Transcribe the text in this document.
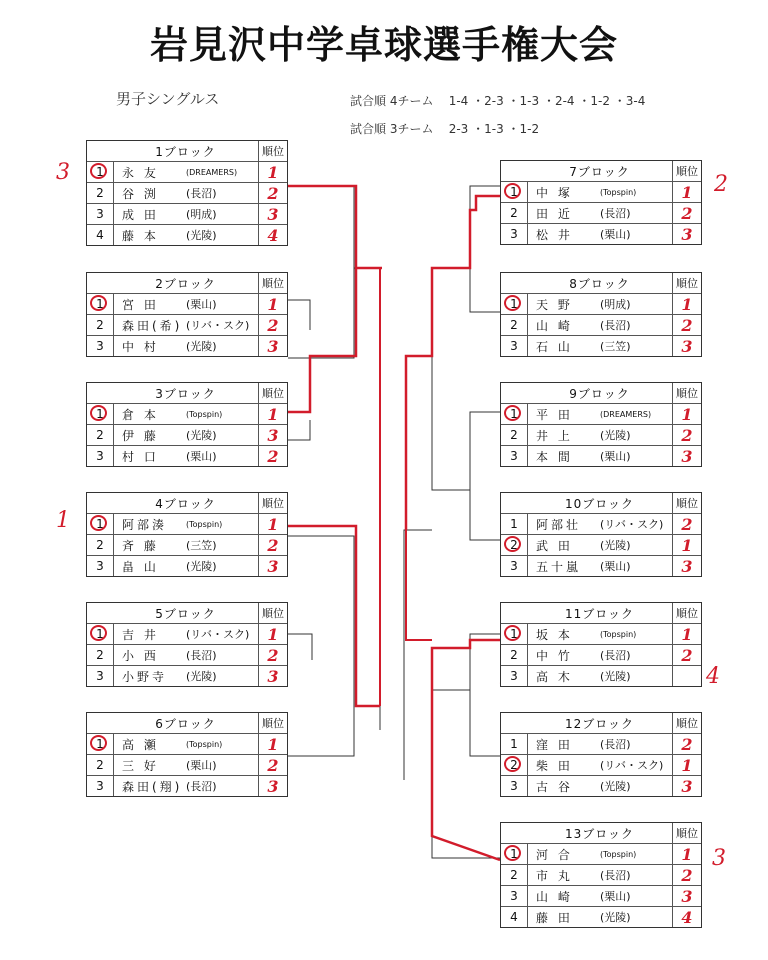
岩見沢中学卓球選手権大会
男子シングルス	試合順 4チーム    1-4 ・2-3 ・1-3 ・2-4 ・1-2 ・3-4
試合順 3チーム    2-3 ・1-3 ・1-2
1ブロック	順位
1 永 友	(DREAMERS)	1
2 谷 渕	(長沼)	2
3 成 田	(明成)	3
4 藤 本	(光陵)	4
2ブロック	順位
1 宮 田	(栗山)	1
2 森田(希) (リバ・スク)	2
3 中 村	(光陵)	3
3ブロック	順位
1 倉 本	(Topspin)	1
2 伊 藤	(光陵)	3
3 村 口	(栗山)	2
4ブロック	順位
1 阿部湊	(Topspin)	1
2 斉 藤	(三笠)	2
3 畠 山	(光陵)	3
5ブロック	順位
1 吉 井	(リバ・スク)	1
2 小 西	(長沼)	2
3 小野寺	(光陵)	3
6ブロック	順位
1 高 瀬	(Topspin)	1
2 三 好	(栗山)	2
3 森田(翔) (長沼)	3
7ブロック	順位
1 中 塚	(Topspin)	1
2 田 近	(長沼)	2
3 松 井	(栗山)	3
8ブロック	順位
1 天 野	(明成)	1
2 山 崎	(長沼)	2
3 石 山	(三笠)	3
9ブロック	順位
1 平 田	(DREAMERS)	1
2 井 上	(光陵)	2
3 本 間	(栗山)	3
10ブロック	順位
1 阿部壮	(リバ・スク)	2
2 武 田	(光陵)	1
3 五十嵐	(栗山)	3
11ブロック	順位
1 坂 本	(Topspin)	1
2 中 竹	(長沼)	2
3 高 木	(光陵)
12ブロック	順位
1 窪 田	(長沼)	2
2 柴 田	(リバ・スク)	1
3 古 谷	(光陵)	3
13ブロック	順位
1 河 合	(Topspin)	1
2 市 丸	(長沼)	2
3 山 崎	(栗山)	3
4 藤 田	(光陵)	4
3
1
2
4
3
